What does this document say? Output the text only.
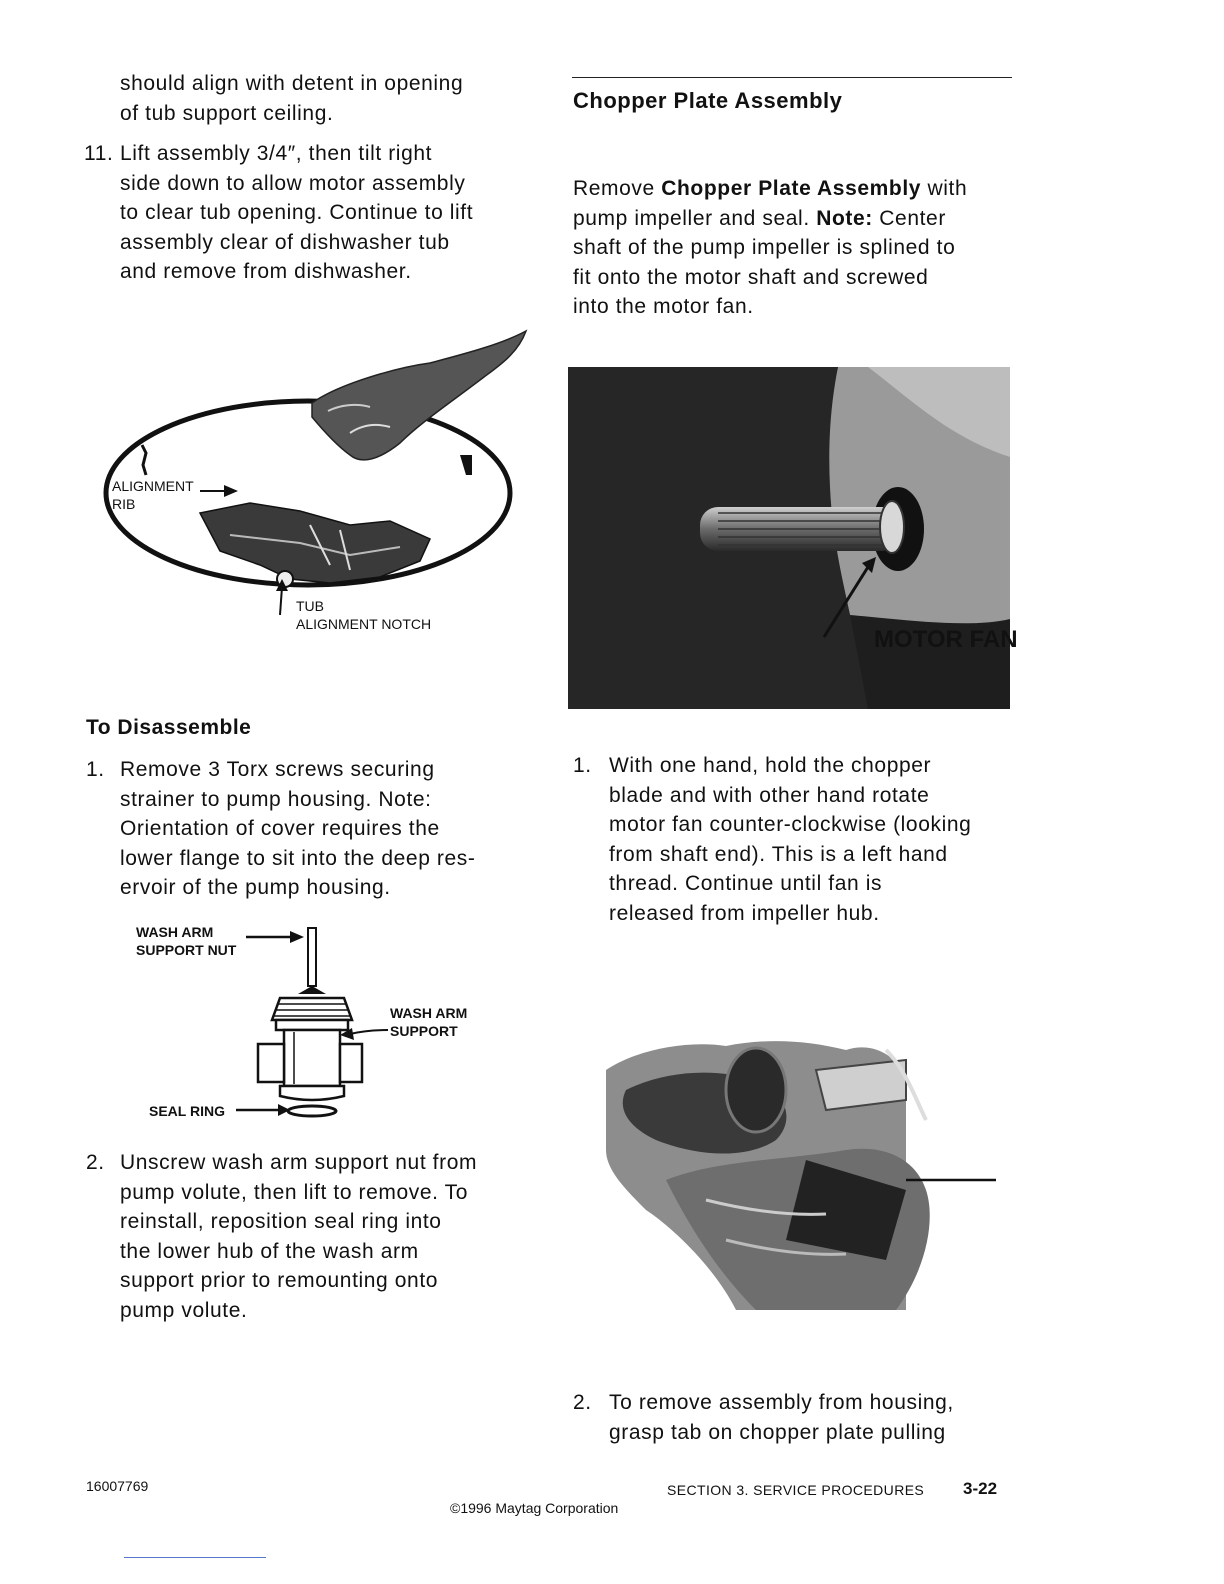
should align with detent in opening
of tub support ceiling.
11. Lift assembly 3/4″, then tilt right
side down to allow motor assembly
to clear tub opening. Continue to lift
assembly clear of dishwasher tub
and remove from dishwasher.
ALIGNMENT
RIB
TUB
ALIGNMENT NOTCH
To Disassemble
1. Remove 3 Torx screws securing
strainer to pump housing. Note:
Orientation of cover requires the
lower flange to sit into the deep res-
ervoir of the pump housing.
WASH ARM
SUPPORT NUT
WASH ARM
SUPPORT
SEAL RING
2. Unscrew wash arm support nut from
pump volute, then lift to remove. To
reinstall, reposition seal ring into
the lower hub of the wash arm
support prior to remounting onto
pump volute.
Chopper Plate Assembly
Remove Chopper Plate Assembly with
pump impeller and seal. Note: Center
shaft of the pump impeller is splined to
fit onto the motor shaft and screwed
into the motor fan.
MOTOR FAN
1. With one hand, hold the chopper
blade and with other hand rotate
motor fan counter-clockwise (looking
from shaft end). This is a left hand
thread. Continue until fan is
released from impeller hub.
2. To remove assembly from housing,
grasp tab on chopper plate pulling
16007769	SECTION 3. SERVICE PROCEDURES 3-22
©1996 Maytag Corporation
